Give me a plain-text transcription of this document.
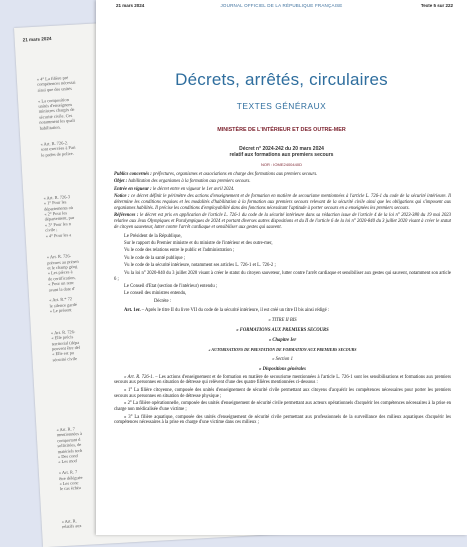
21 mars 2024
« 4° La filière pré
compétences nécessai
ainsi que des unités
« La composition
unités d'enseignem
ministres chargés de
sécurité civile. Ces
notamment les quali
habilitation.
« Art. R. 726-2.
sont exercées à Pari
le préfet de police.
« Art. R. 726-3
« 1° Pour les
départements où
« 2° Pour les
département, par
« 3° Pour les n
civile ;
« 4° Pour les a
« Art. R. 726-
prévues au présen
et le champ géog
« Les pièces à
de certification,
« Pour un renc
avant la date d'
« Art. R.* 72
le silence gardé
« Le présent
« Art. R. 726-
« Elle précis
territorial (dépa
peuvent être dél
« Elle est pu
sécurité civile
« Art. R. 7
mentionnées à
comportant d
sollicitées, de
matériels tech
« Des cond
« Les mod
« Art. R. 7
être déléguée
« Les conc
le cas échéa
« Art. R.
relatifs aux
21 mars 2024	JOURNAL OFFICIEL DE LA RÉPUBLIQUE FRANÇAISE	Texte 5 sur 222
Décrets, arrêtés, circulaires
TEXTES GÉNÉRAUX
MINISTÈRE DE L'INTÉRIEUR ET DES OUTRE-MER
Décret n° 2024-242 du 20 mars 2024
relatif aux formations aux premiers secours
NOR : IOME2400440D

Publics concernés : préfectures, organismes et associations en charge des formations aux premiers secours.

Objet : habilitation des organismes à la formation aux premiers secours.

Entrée en vigueur : le décret entre en vigueur le 1er avril 2024.

Notice : ce décret définit le périmètre des actions d'enseignement et de formation en matière de secourisme mentionnées à l'article L. 726-1 du code de la sécurité intérieure. Il détermine les conditions requises et les modalités d'habilitation à la formation aux premiers secours relevant de la sécurité civile ainsi que les obligations qui s'imposent aux organismes habilités. Il précise les conditions d'employabilité dans des fonctions nécessitant l'aptitude à porter secours en a enseignées les premiers secours.

Références : le décret est pris en application de l'article L. 726-1 du code de la sécurité intérieure dans sa rédaction issue de l'article 4 de la loi n° 2023-380 du 19 mai 2023 relative aux Jeux Olympiques et Paralympiques de 2024 et portant diverses autres dispositions et du II de l'article 6 de la loi n° 2020-840 du 3 juillet 2020 visant à créer le statut de citoyen sauveteur, lutter contre l'arrêt cardiaque et sensibiliser aux gestes qui sauvent.

Le Président de la République,

Sur le rapport du Premier ministre et du ministre de l'intérieur et des outre-mer,

Vu le code des relations entre le public et l'administration ;

Vu le code de la santé publique ;

Vu le code de la sécurité intérieure, notamment ses articles L. 726-1 et L. 726-2 ;

Vu la loi n° 2020-840 du 3 juillet 2020 visant à créer le statut du citoyen sauveteur, lutter contre l'arrêt cardiaque et sensibiliser aux gestes qui sauvent, notamment son article 6 ;

Le Conseil d'Etat (section de l'intérieur) entendu ;

Le conseil des ministres entendu,

Décrète :

Art. 1er. – Après le titre II du livre VII du code de la sécurité intérieure, il est créé un titre II bis ainsi rédigé :

« TITRE II BIS

« FORMATIONS AUX PREMIERS SECOURS

« Chapitre Ier

« AUTORISATIONS DE PRESTATION DE FORMATION AUX PREMIERS SECOURS

« Section 1

« Dispositions générales

« Art. R. 726-1. – Les actions d'enseignement et de formation en matière de secourisme mentionnées à l'article L. 726-1 sont les sensibilisations et formations aux premiers secours aux personnes en situation de détresse qui relèvent d'une des quatre filières mentionnées ci-dessous :

« 1° La filière citoyenne, composée des unités d'enseignement de sécurité civile permettant aux citoyens d'acquérir les compétences nécessaires pour porter les premiers secours aux personnes en situation de détresse physique ;

« 2° La filière opérationnelle, composée des unités d'enseignement de sécurité civile permettant aux acteurs opérationnels d'acquérir les compétences nécessaires à la prise en charge non médicalisée d'une victime ;

« 3° La filière aquatique, composée des unités d'enseignement de sécurité civile permettant aux professionnels de la surveillance des milieux aquatiques d'acquérir les compétences nécessaires à la prise en charge d'une victime dans ces milieux ;
